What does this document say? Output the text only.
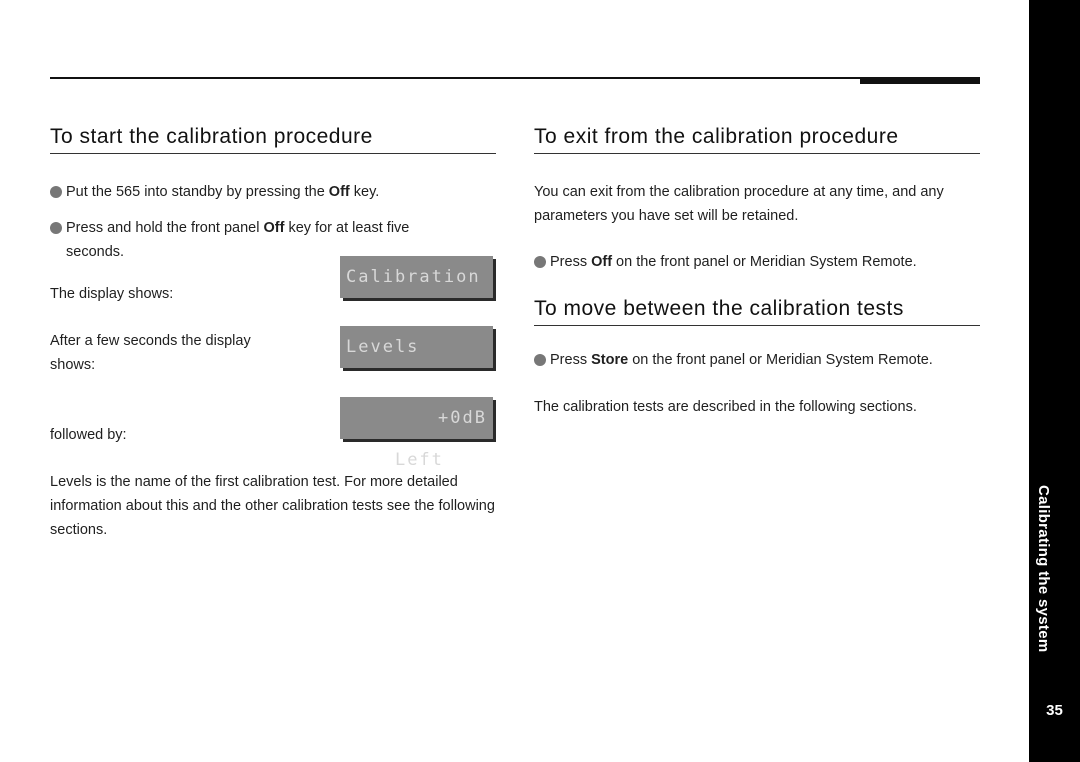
To start the calibration procedure

Put the 565 into standby by pressing the Off key.

Press and hold the front panel Off key for at least five seconds.

The display shows:

After a few seconds the display shows:

followed by:

Calibration
Levels

Left
+0dB

Levels is the name of the first calibration test. For more detailed information about this and the other calibration tests see the following sections.

To exit from the calibration procedure

You can exit from the calibration procedure at any time, and any parameters you have set will be retained.

Press Off on the front panel or Meridian System Remote.

To move between the calibration tests

Press Store on the front panel or Meridian System Remote.

The calibration tests are described in the following sections.

Calibrating the system
35
